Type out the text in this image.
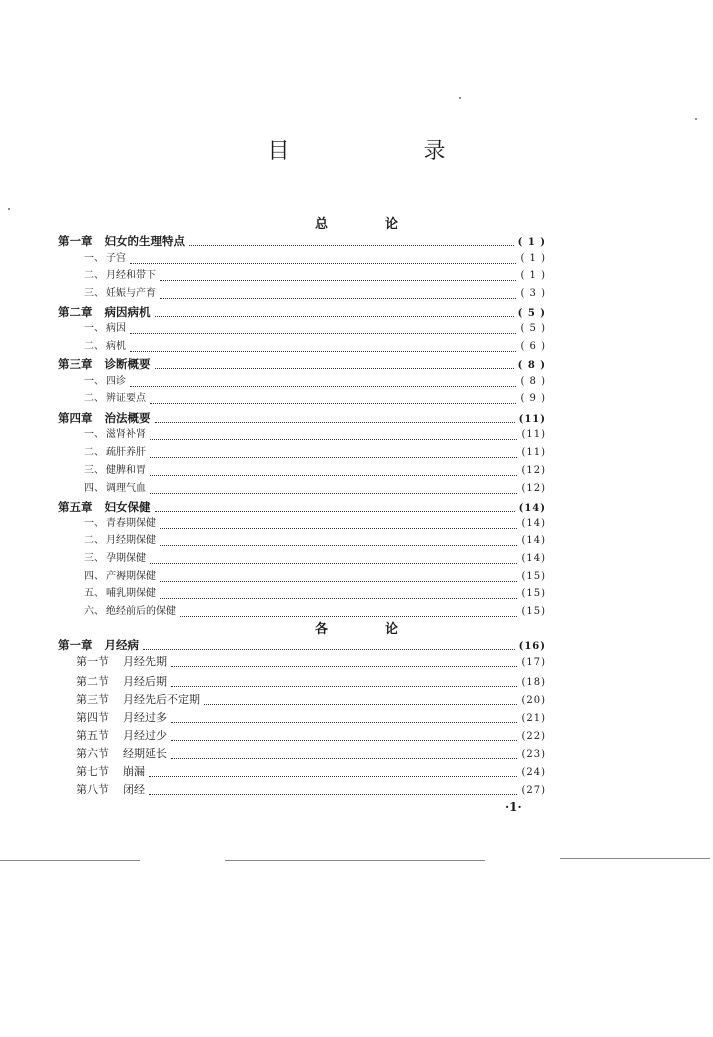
目　录
总　论
各　论
第一章 妇女的生理特点	( 1 )
一、 子宫	( 1 )
二、 月经和带下	( 1 )
三、 妊娠与产育	( 3 )
第二章 病因病机	( 5 )
一、 病因	( 5 )
二、 病机	( 6 )
第三章 诊断概要	( 8 )
一、 四诊	( 8 )
二、 辨证要点	( 9 )
第四章 治法概要	(11)
一、 滋肾补肾	(11)
二、 疏肝养肝	(11)
三、 健脾和胃	(12)
四、 调理气血	(12)
第五章 妇女保健	(14)
一、 青春期保健	(14)
二、 月经期保健	(14)
三、 孕期保健	(14)
四、 产褥期保健	(15)
五、 哺乳期保健	(15)
六、 绝经前后的保健	(15)
第一章 月经病	(16)
第一节 月经先期	(17)
第二节 月经后期	(18)
第三节 月经先后不定期	(20)
第四节 月经过多	(21)
第五节 月经过少	(22)
第六节 经期延长	(23)
第七节 崩漏	(24)
第八节 闭经	(27)
·1·
